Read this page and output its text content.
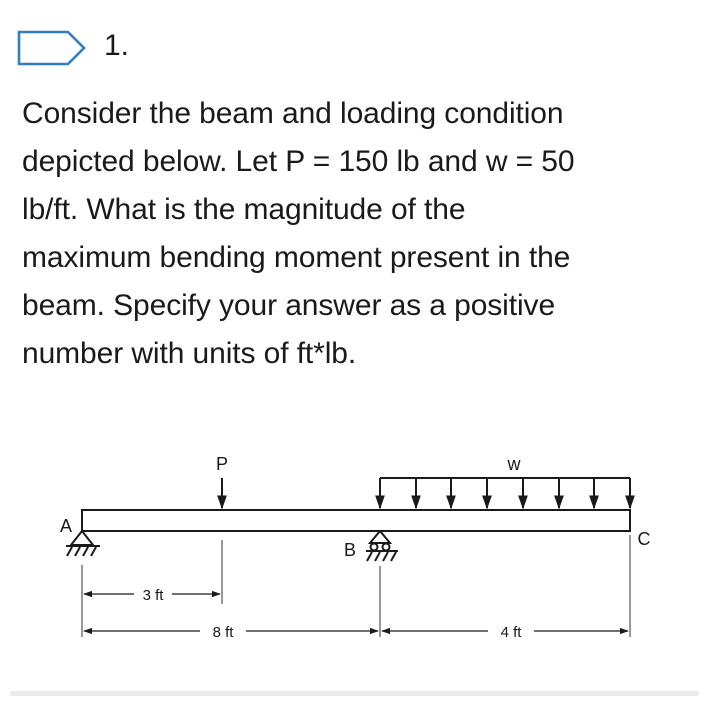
1.
Consider the beam and loading condition
depicted below. Let P = 150 lb and w = 50
lb/ft. What is the magnitude of the
maximum bending moment present in the
beam. Specify your answer as a positive
number with units of ft*lb.
P	w
A
B
C
3 ft
8 ft	4 ft
